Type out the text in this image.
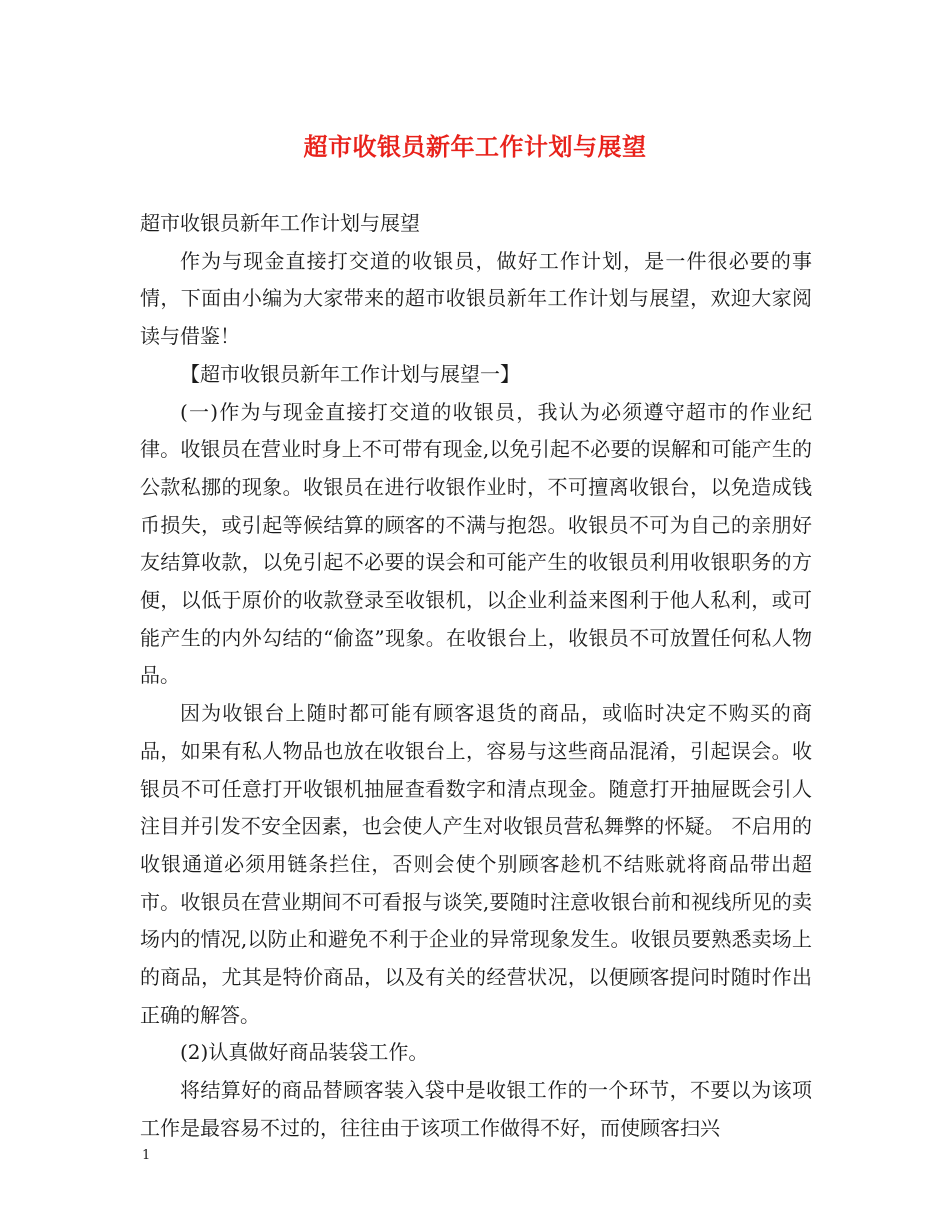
超市收银员新年工作计划与展望

超市收银员新年工作计划与展望

作为与现金直接打交道的收银员，做好工作计划，是一件很必要的事情，下面由小编为大家带来的超市收银员新年工作计划与展望，欢迎大家阅读与借鉴！

【超市收银员新年工作计划与展望一】

(一)作为与现金直接打交道的收银员，我认为必须遵守超市的作业纪律。收银员在营业时身上不可带有现金,以免引起不必要的误解和可能产生的公款私挪的现象。收银员在进行收银作业时，不可擅离收银台，以免造成钱币损失，或引起等候结算的顾客的不满与抱怨。收银员不可为自己的亲朋好友结算收款，以免引起不必要的误会和可能产生的收银员利用收银职务的方便，以低于原价的收款登录至收银机，以企业利益来图利于他人私利，或可能产生的内外勾结的“偷盗”现象。在收银台上，收银员不可放置任何私人物品。

因为收银台上随时都可能有顾客退货的商品，或临时决定不购买的商品，如果有私人物品也放在收银台上，容易与这些商品混淆，引起误会。收银员不可任意打开收银机抽屉查看数字和清点现金。随意打开抽屉既会引人注目并引发不安全因素，也会使人产生对收银员营私舞弊的怀疑。 不启用的收银通道必须用链条拦住，否则会使个别顾客趁机不结账就将商品带出超市。收银员在营业期间不可看报与谈笑,要随时注意收银台前和视线所见的卖场内的情况,以防止和避免不利于企业的异常现象发生。收银员要熟悉卖场上的商品，尤其是特价商品，以及有关的经营状况，以便顾客提问时随时作出正确的解答。

(2)认真做好商品装袋工作。

将结算好的商品替顾客装入袋中是收银工作的一个环节，不要以为该项工作是最容易不过的，往往由于该项工作做得不好，而使顾客扫兴

1
